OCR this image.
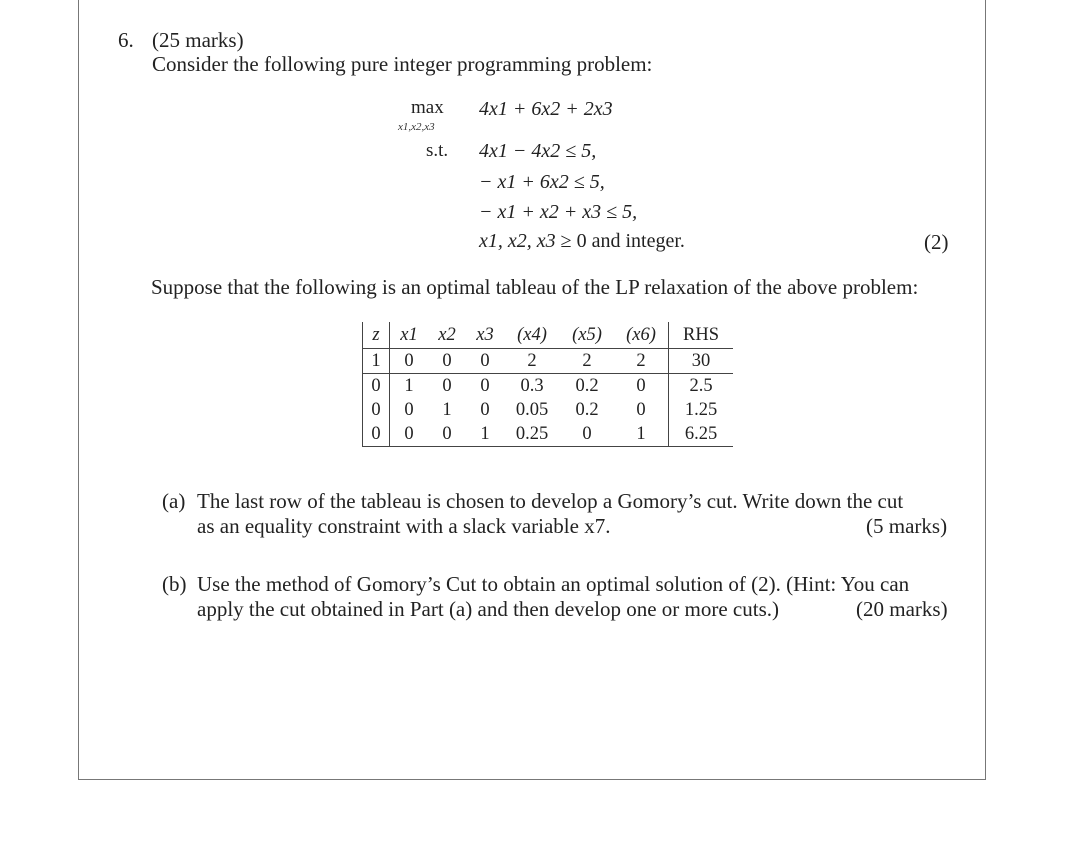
6. (25 marks)
Consider the following pure integer programming problem:
max
x1,x2,x3
4x1 + 6x2 + 2x3
s.t. 4x1 − 4x2 ≤ 5,
− x1 + 6x2 ≤ 5,
− x1 + x2 + x3 ≤ 5,
x1, x2, x3 ≥ 0 and integer.	(2)
Suppose that the following is an optimal tableau of the LP relaxation of the above problem:
z	x1	x2	x3	(x4)	(x5)	(x6)	RHS
1	0	0	0	2	2	2	30
0	1	0	0	0.3	0.2	0	2.5
0	0	1	0	0.05	0.2	0	1.25
0	0	0	1	0.25	0	1	6.25
(a) The last row of the tableau is chosen to develop a Gomory’s cut. Write down the cut
as an equality constraint with a slack variable x7.	(5 marks)
(b) Use the method of Gomory’s Cut to obtain an optimal solution of (2). (Hint: You can
apply the cut obtained in Part (a) and then develop one or more cuts.)	(20 marks)
